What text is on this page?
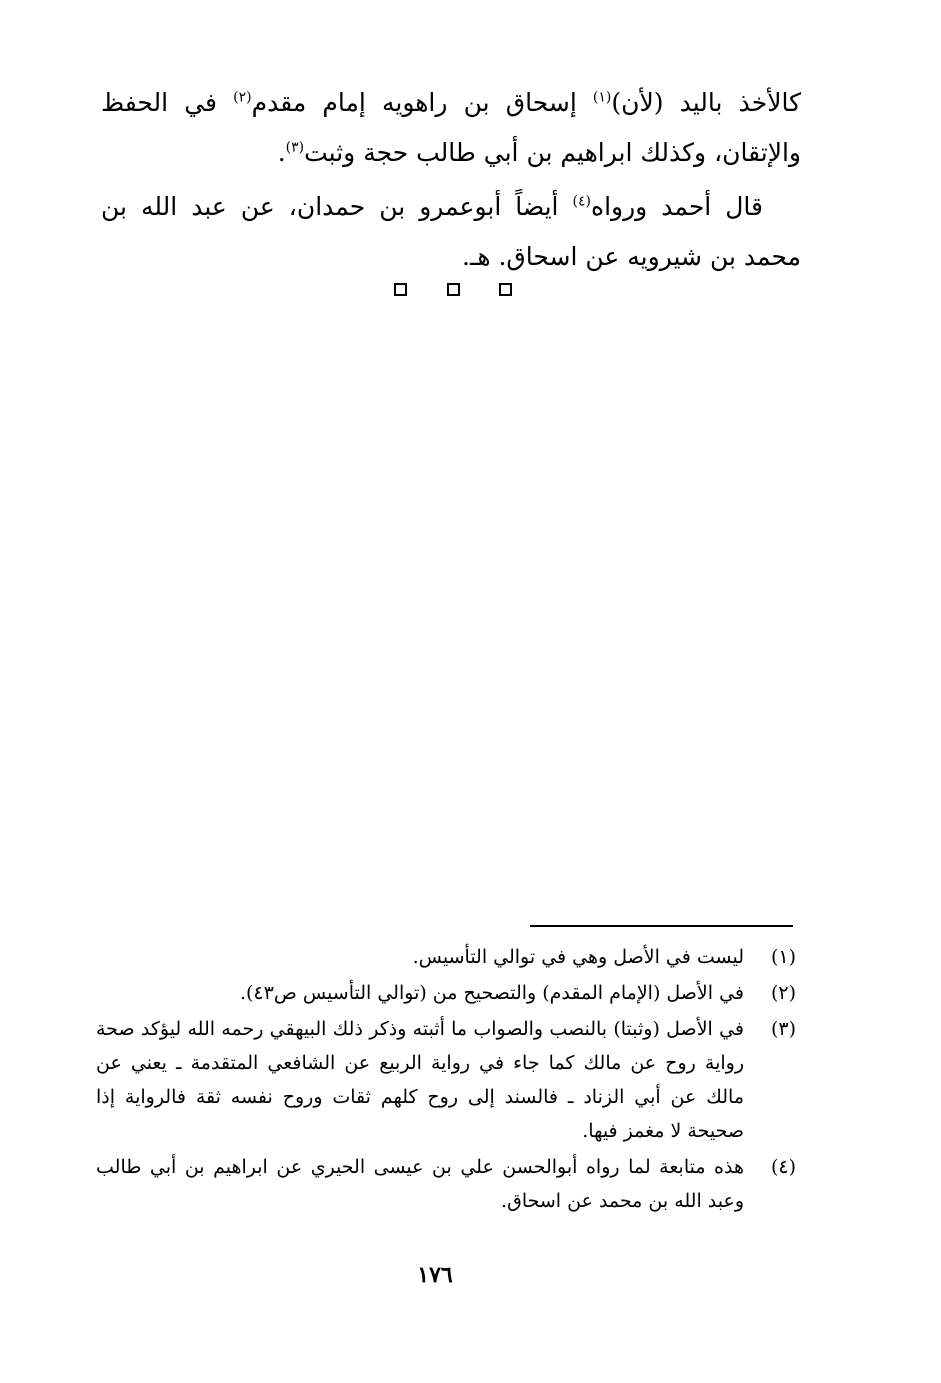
كالأخذ باليد (لأن)$^{(١)}$ إسحاق بن راهويه إمام مقدم$^{(٢)}$ في الحفظ والإتقان، وكذلك ابراهيم بن أبي طالب حجة وثبت$^{(٣)}$.

قال أحمد ورواه$^{(٤)}$ أيضاً أبوعمرو بن حمدان، عن عبد الله بن محمد بن شيرويه عن اسحاق. هـ.

(١)
ليست في الأصل وهي في توالي التأسيس.

(٢)
في الأصل (الإمام المقدم) والتصحيح من (توالي التأسيس ص٤٣).

(٣)
في الأصل (وثبتا) بالنصب والصواب ما أثبته وذكر ذلك البيهقي رحمه الله ليؤكد صحة رواية روح عن مالك كما جاء في رواية الربيع عن الشافعي المتقدمة ـ يعني عن مالك عن أبي الزناد ـ فالسند إلى روح كلهم ثقات وروح نفسه ثقة فالرواية إذا صحيحة لا مغمز فيها.

(٤)
هذه متابعة لما رواه أبوالحسن علي بن عيسى الحيري عن ابراهيم بن أبي طالب وعبد الله بن محمد عن اسحاق.

١٧٦
